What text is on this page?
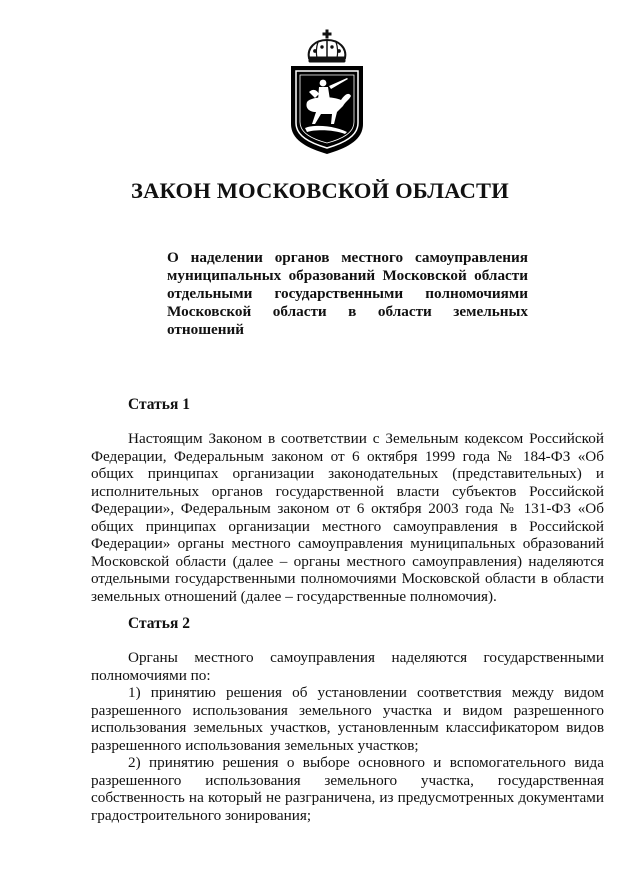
ЗАКОН МОСКОВСКОЙ ОБЛАСТИ
О наделении органов местного самоуправления муниципальных образований Московской области отдельными государственными полномочиями Московской области в области земельных отношений
Статья 1

Настоящим Законом в соответствии с Земельным кодексом Российской Федерации, Федеральным законом от 6 октября 1999 года № 184-ФЗ «Об общих принципах организации законодательных (представительных) и исполнительных органов государственной власти субъектов Российской Федерации», Федеральным законом от 6 октября 2003 года № 131-ФЗ «Об общих принципах организации местного самоуправления в Российской Федерации» органы местного самоуправления муниципальных образований Московской области (далее – органы местного самоуправления) наделяются отдельными государственными полномочиями Московской области в области земельных отношений (далее – государственные полномочия).

Статья 2

Органы местного самоуправления наделяются государственными полномочиями по:

1) принятию решения об установлении соответствия между видом разрешенного использования земельного участка и видом разрешенного использования земельных участков, установленным классификатором видов разрешенного использования земельных участков;

2) принятию решения о выборе основного и вспомогательного вида разрешенного использования земельного участка, государственная собственность на который не разграничена, из предусмотренных документами градостроительного зонирования;
